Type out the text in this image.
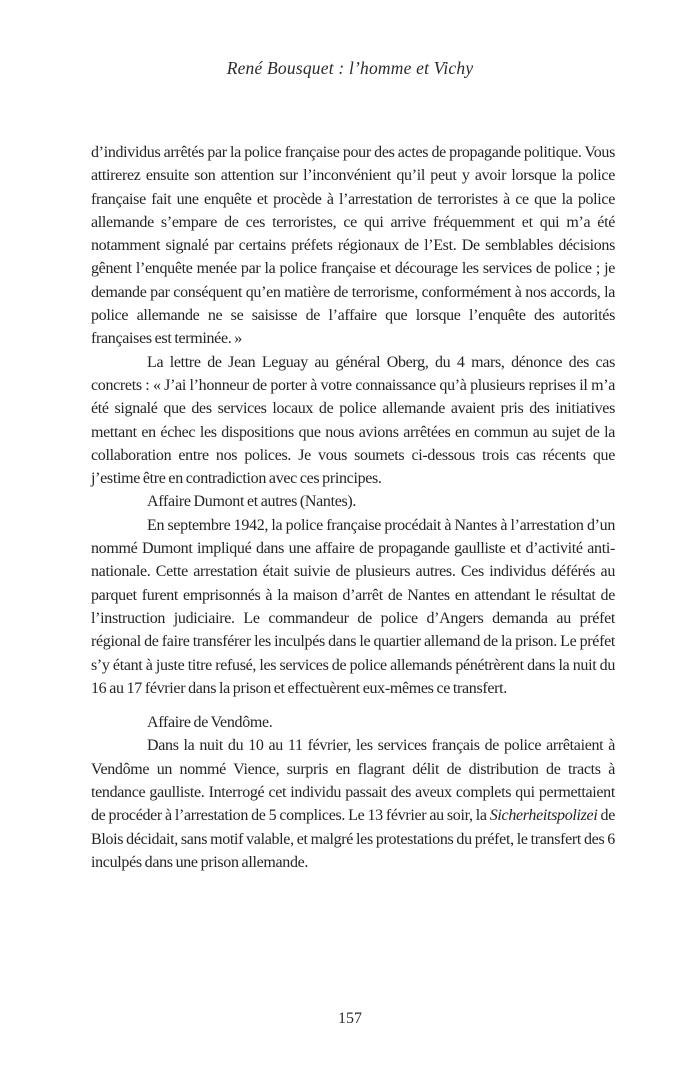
René Bousquet : l’homme et Vichy

d’individus arrêtés par la police française pour des actes de propagande politique. Vous attirerez ensuite son attention sur l’inconvénient qu’il peut y avoir lorsque la police française fait une enquête et procède à l’arrestation de terroristes à ce que la police allemande s’empare de ces terroristes, ce qui arrive fréquemment et qui m’a été notamment signalé par certains préfets régionaux de l’Est. De semblables décisions gênent l’enquête menée par la police française et décourage les services de police ; je demande par conséquent qu’en matière de terrorisme, conformément à nos accords, la police allemande ne se saisisse de l’affaire que lorsque l’enquête des autorités françaises est terminée. »

La lettre de Jean Leguay au général Oberg, du 4 mars, dénonce des cas concrets : « J’ai l’honneur de porter à votre connaissance qu’à plusieurs reprises il m’a été signalé que des services locaux de police allemande avaient pris des initiatives mettant en échec les dispositions que nous avions arrêtées en commun au sujet de la collaboration entre nos polices. Je vous soumets ci-dessous trois cas récents que j’estime être en contradiction avec ces principes.

Affaire Dumont et autres (Nantes).

En septembre 1942, la police française procédait à Nantes à l’arrestation d’un nommé Dumont impliqué dans une affaire de propagande gaulliste et d’activité anti-nationale. Cette arrestation était suivie de plusieurs autres. Ces individus déférés au parquet furent emprisonnés à la maison d’arrêt de Nantes en attendant le résultat de l’instruction judiciaire. Le commandeur de police d’Angers demanda au préfet régional de faire transférer les inculpés dans le quartier allemand de la prison. Le préfet s’y étant à juste titre refusé, les services de police allemands pénétrèrent dans la nuit du 16 au 17 février dans la prison et effectuèrent eux-mêmes ce transfert.

Affaire de Vendôme.

Dans la nuit du 10 au 11 février, les services français de police arrêtaient à Vendôme un nommé Vience, surpris en flagrant délit de distribution de tracts à tendance gaulliste. Interrogé cet individu passait des aveux complets qui permettaient de procéder à l’arrestation de 5 complices. Le 13 février au soir, la Sicherheitspolizei de Blois décidait, sans motif valable, et malgré les protestations du préfet, le transfert des 6 inculpés dans une prison allemande.

157
